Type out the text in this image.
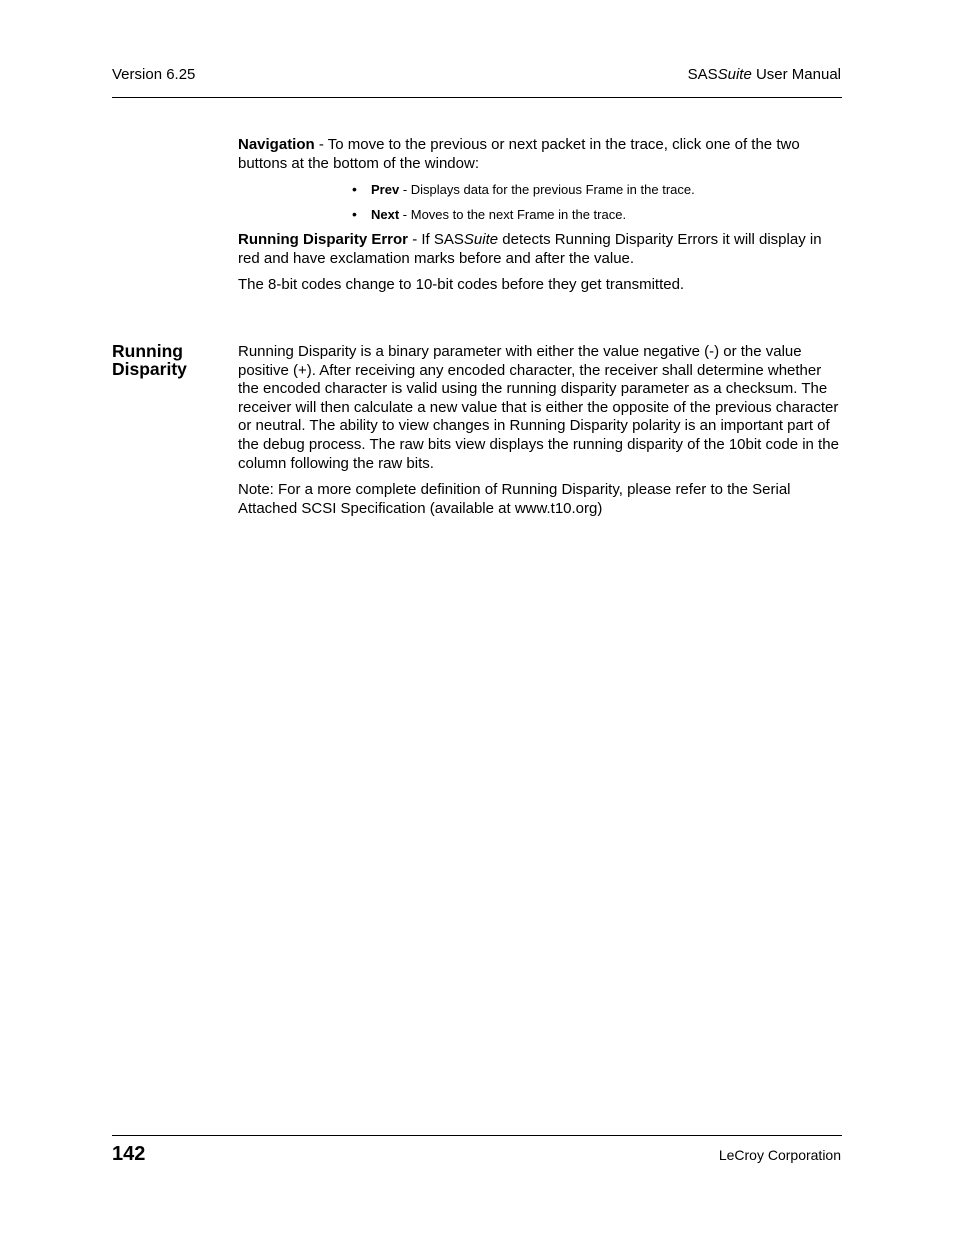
Version 6.25	SASSuite User Manual

Navigation - To move to the previous or next packet in the trace, click one of the two buttons at the bottom of the window:

• Prev - Displays data for the previous Frame in the trace.
• Next - Moves to the next Frame in the trace.

Running Disparity Error - If SASSuite detects Running Disparity Errors it will display in red and have exclamation marks before and after the value.

The 8-bit codes change to 10-bit codes before they get transmitted.

Running Disparity

Running Disparity is a binary parameter with either the value negative (-) or the value positive (+). After receiving any encoded character, the receiver shall determine whether the encoded character is valid using the running disparity parameter as a checksum. The receiver will then calculate a new value that is either the opposite of the previous character or neutral. The ability to view changes in Running Disparity polarity is an important part of the debug process. The raw bits view displays the running disparity of the 10bit code in the column following the raw bits.

Note: For a more complete definition of Running Disparity, please refer to the Serial Attached SCSI Specification (available at www.t10.org)

142	LeCroy Corporation
